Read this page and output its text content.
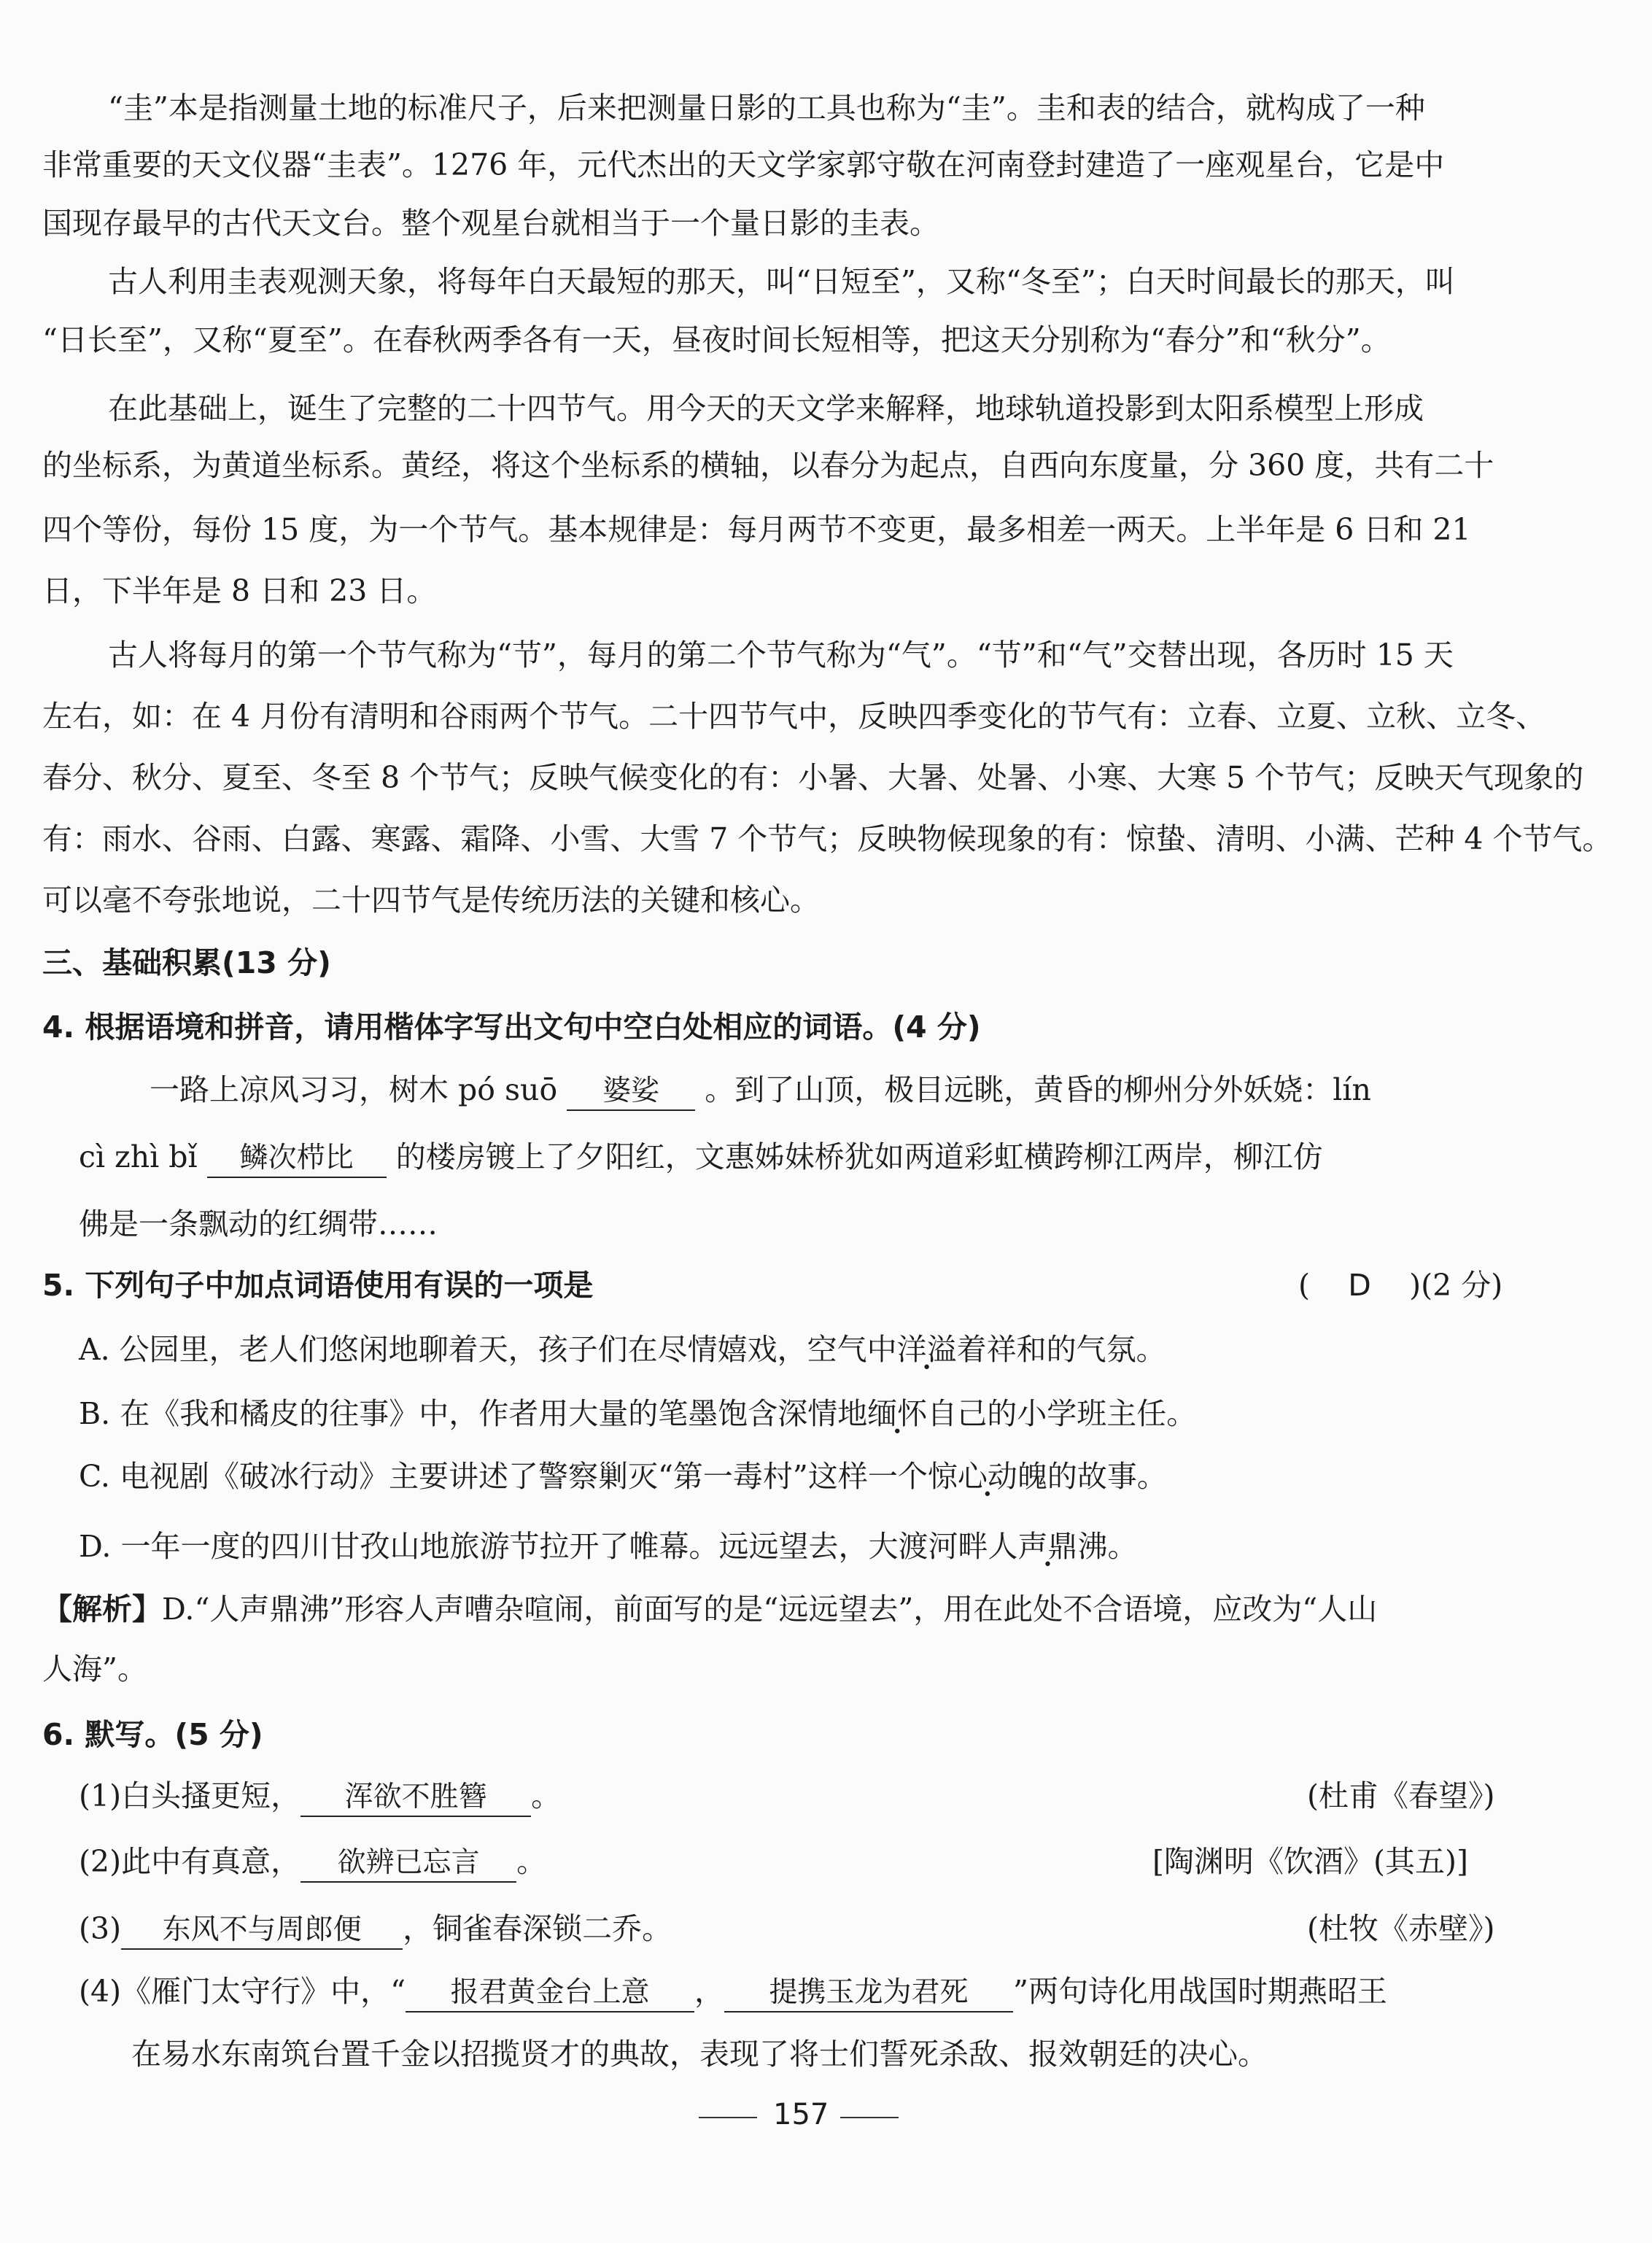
“圭”本是指测量土地的标准尺子，后来把测量日影的工具也称为“圭”。圭和表的结合，就构成了一种
非常重要的天文仪器“圭表”。1276 年，元代杰出的天文学家郭守敬在河南登封建造了一座观星台，它是中
国现存最早的古代天文台。整个观星台就相当于一个量日影的圭表。
古人利用圭表观测天象，将每年白天最短的那天，叫“日短至”，又称“冬至”；白天时间最长的那天，叫
“日长至”，又称“夏至”。在春秋两季各有一天，昼夜时间长短相等，把这天分别称为“春分”和“秋分”。
在此基础上，诞生了完整的二十四节气。用今天的天文学来解释，地球轨道投影到太阳系模型上形成
的坐标系，为黄道坐标系。黄经，将这个坐标系的横轴，以春分为起点，自西向东度量，分 360 度，共有二十
四个等份，每份 15 度，为一个节气。基本规律是：每月两节不变更，最多相差一两天。上半年是 6 日和 21
日，下半年是 8 日和 23 日。
古人将每月的第一个节气称为“节”，每月的第二个节气称为“气”。“节”和“气”交替出现，各历时 15 天
左右，如：在 4 月份有清明和谷雨两个节气。二十四节气中，反映四季变化的节气有：立春、立夏、立秋、立冬、
春分、秋分、夏至、冬至 8 个节气；反映气候变化的有：小暑、大暑、处暑、小寒、大寒 5 个节气；反映天气现象的
有：雨水、谷雨、白露、寒露、霜降、小雪、大雪 7 个节气；反映物候现象的有：惊蛰、清明、小满、芒种 4 个节气。
可以毫不夸张地说，二十四节气是传统历法的关键和核心。
三、基础积累(13 分)
4. 根据语境和拼音，请用楷体字写出文句中空白处相应的词语。(4 分)
一路上凉风习习，树木 pó suō 婆娑 。到了山顶，极目远眺，黄昏的柳州分外妖娆：lín
cì zhì bǐ 鳞次栉比 的楼房镀上了夕阳红，文惠姊妹桥犹如两道彩虹横跨柳江两岸，柳江仿
佛是一条飘动的红绸带……
5. 下列句子中加点词语使用有误的一项是	( D )(2 分)
A. 公园里，老人们悠闲地聊着天，孩子们在尽情嬉戏，空气中洋溢着祥和的气氛。
B. 在《我和橘皮的往事》中，作者用大量的笔墨饱含深情地缅怀自己的小学班主任。
C. 电视剧《破冰行动》主要讲述了警察剿灭“第一毒村”这样一个惊心动魄的故事。
D. 一年一度的四川甘孜山地旅游节拉开了帷幕。远远望去，大渡河畔人声鼎沸。
【解析】D.“人声鼎沸”形容人声嘈杂喧闹，前面写的是“远远望去”，用在此处不合语境，应改为“人山
人海”。
6. 默写。(5 分)
(1)白头搔更短， 浑欲不胜簪 。	(杜甫《春望》)
(2)此中有真意， 欲辨已忘言 。	[陶渊明《饮酒》(其五)]
(3) 东风不与周郎便 ，铜雀春深锁二乔。	(杜牧《赤壁》)
(4)《雁门太守行》中，“ 报君黄金台上意 ， 提携玉龙为君死 ”两句诗化用战国时期燕昭王
在易水东南筑台置千金以招揽贤才的典故，表现了将士们誓死杀敌、报效朝廷的决心。
157
